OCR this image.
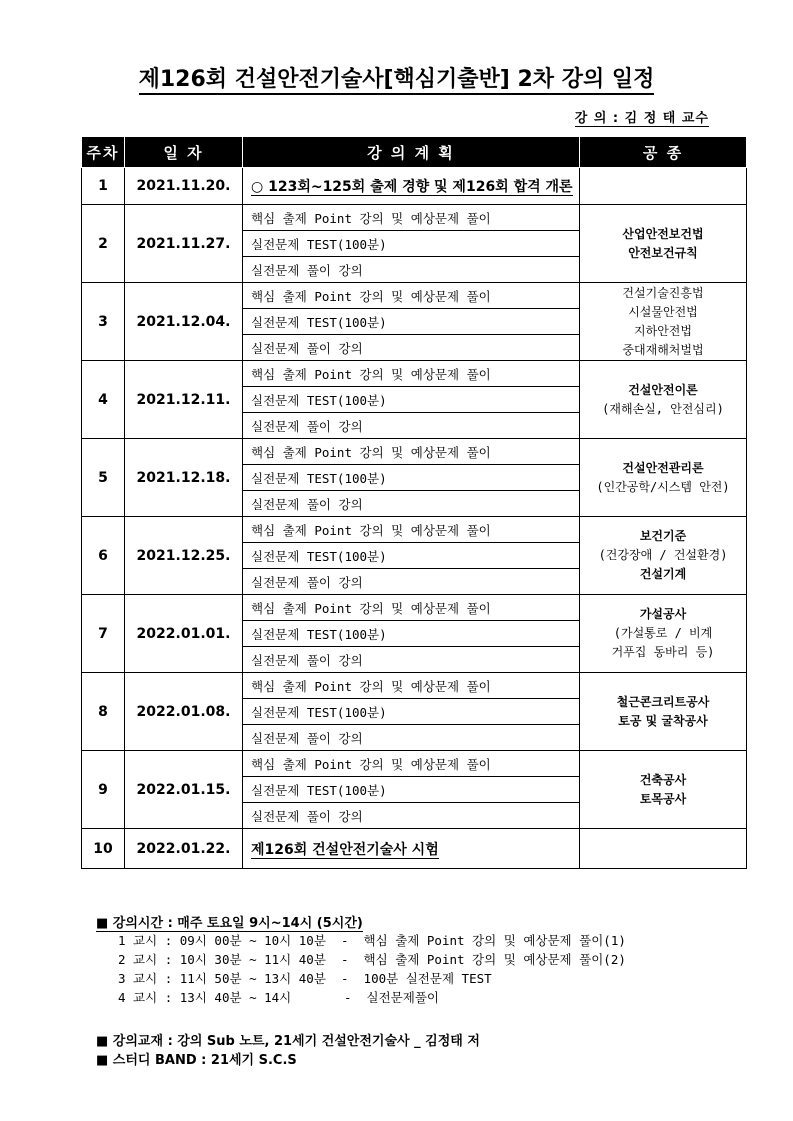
제126회 건설안전기술사[핵심기출반] 2차 강의 일정
강 의 : 김 정 태 교수
주차	일 자	강 의 계 획	공 종
1	2021.11.20.	○ 123회~125회 출제 경향 및 제126회 합격 개론	
2	2021.11.27.	핵심 출제 Point 강의 및 예상문제 풀이	산업안전보건법
안전보건규칙

		실전문제 TEST(100분)	
		실전문제 풀이 강의	
3	2021.12.04.	핵심 출제 Point 강의 및 예상문제 풀이	건설기술진흥법
시설물안전법
지하안전법
중대재해처벌법

		실전문제 TEST(100분)	
		실전문제 풀이 강의	
4	2021.12.11.	핵심 출제 Point 강의 및 예상문제 풀이	건설안전이론
(재해손실, 안전심리)

		실전문제 TEST(100분)	
		실전문제 풀이 강의	
5	2021.12.18.	핵심 출제 Point 강의 및 예상문제 풀이	건설안전관리론
(인간공학/시스템 안전)

		실전문제 TEST(100분)	
		실전문제 풀이 강의	
6	2021.12.25.	핵심 출제 Point 강의 및 예상문제 풀이	보건기준
(건강장애 / 건설환경)
건설기계

		실전문제 TEST(100분)	
		실전문제 풀이 강의	
7	2022.01.01.	핵심 출제 Point 강의 및 예상문제 풀이	가설공사
(가설통로 / 비계
거푸집 동바리 등)

		실전문제 TEST(100분)	
		실전문제 풀이 강의	
8	2022.01.08.	핵심 출제 Point 강의 및 예상문제 풀이	철근콘크리트공사
토공 및 굴착공사

		실전문제 TEST(100분)	
		실전문제 풀이 강의	
9	2022.01.15.	핵심 출제 Point 강의 및 예상문제 풀이	건축공사
토목공사

		실전문제 TEST(100분)	
		실전문제 풀이 강의	
10	2022.01.22.	제126회 건설안전기술사 시험	
■ 강의시간 : 매주 토요일 9시~14시 (5시간)
1 교시 : 09시 00분 ~ 10시 10분  -  핵심 출제 Point 강의 및 예상문제 풀이(1)
2 교시 : 10시 30분 ~ 11시 40분  -  핵심 출제 Point 강의 및 예상문제 풀이(2)
3 교시 : 11시 50분 ~ 13시 40분  -  100분 실전문제 TEST
4 교시 : 13시 40분 ~ 14시       -  실전문제풀이
■ 강의교재 : 강의 Sub 노트, 21세기 건설안전기술사 _ 김정태 저
■ 스터디 BAND : 21세기 S.C.S
